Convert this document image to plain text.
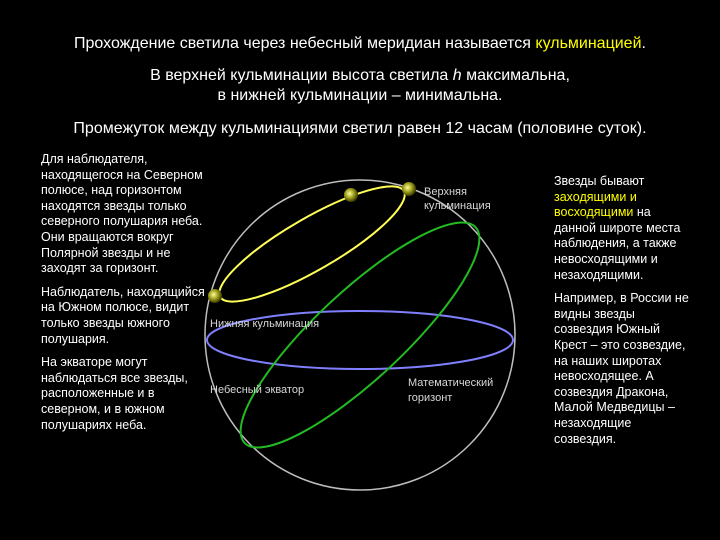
Прохождение светила через небесный меридиан называется кульминацией.

В верхней кульминации высота светила h максимальна,
в нижней кульминации – минимальна.

Промежуток между кульминациями светил равен 12 часам (половине суток).

Для наблюдателя, находящегося на Северном полюсе, над горизонтом находятся звезды только северного полушария неба. Они вращаются вокруг Полярной звезды и не заходят за горизонт.

Наблюдатель, находящийся на Южном полюсе, видит только звезды южного полушария.

На экваторе могут наблюдаться все звезды, расположенные и в северном, и в южном полушариях неба.

Звезды бывают заходящими и восходящими на данной широте места наблюдения, а также невосходящими и незаходящими.

Например, в России не видны звезды созвездия Южный Крест – это созвездие, на наших широтах невосходящее. А созвездия Дракона, Малой Медведицы – незаходящие созвездия.

Верхняя кульминация
Нижняя кульминация
Небесный экватор
Математический горизонт
